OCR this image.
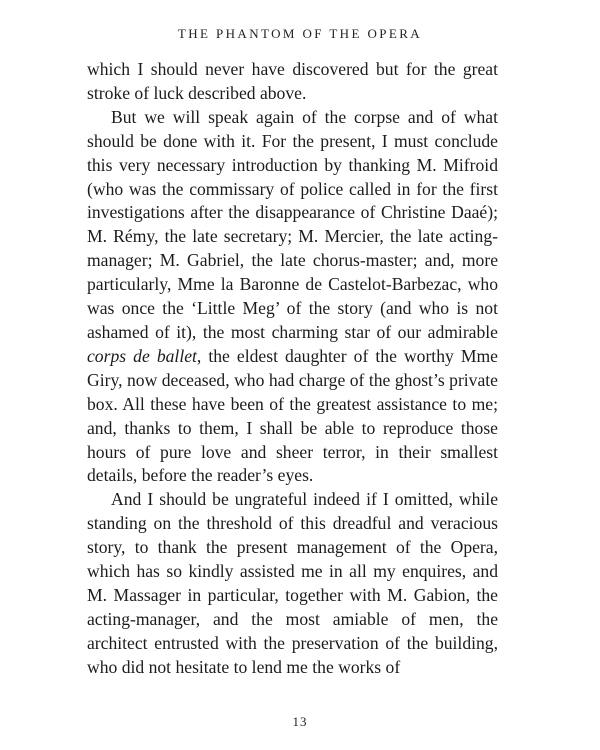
THE PHANTOM OF THE OPERA

which I should never have discovered but for the great stroke of luck described above.

But we will speak again of the corpse and of what should be done with it. For the present, I must conclude this very necessary introduction by thanking M. Mifroid (who was the commissary of police called in for the first investigations after the disappearance of Christine Daaé); M. Rémy, the late secretary; M. Mercier, the late acting-manager; M. Gabriel, the late chorus-master; and, more particularly, Mme la Baronne de Castelot-Barbezac, who was once the ‘Little Meg’ of the story (and who is not ashamed of it), the most charming star of our admirable corps de ballet, the eldest daughter of the worthy Mme Giry, now deceased, who had charge of the ghost’s private box. All these have been of the greatest assistance to me; and, thanks to them, I shall be able to reproduce those hours of pure love and sheer terror, in their smallest details, before the reader’s eyes.

And I should be ungrateful indeed if I omitted, while standing on the threshold of this dreadful and veracious story, to thank the present management of the Opera, which has so kindly assisted me in all my enquires, and M. Massager in particular, together with M. Gabion, the acting-manager, and the most amiable of men, the architect entrusted with the preservation of the building, who did not hesitate to lend me the works of

13
